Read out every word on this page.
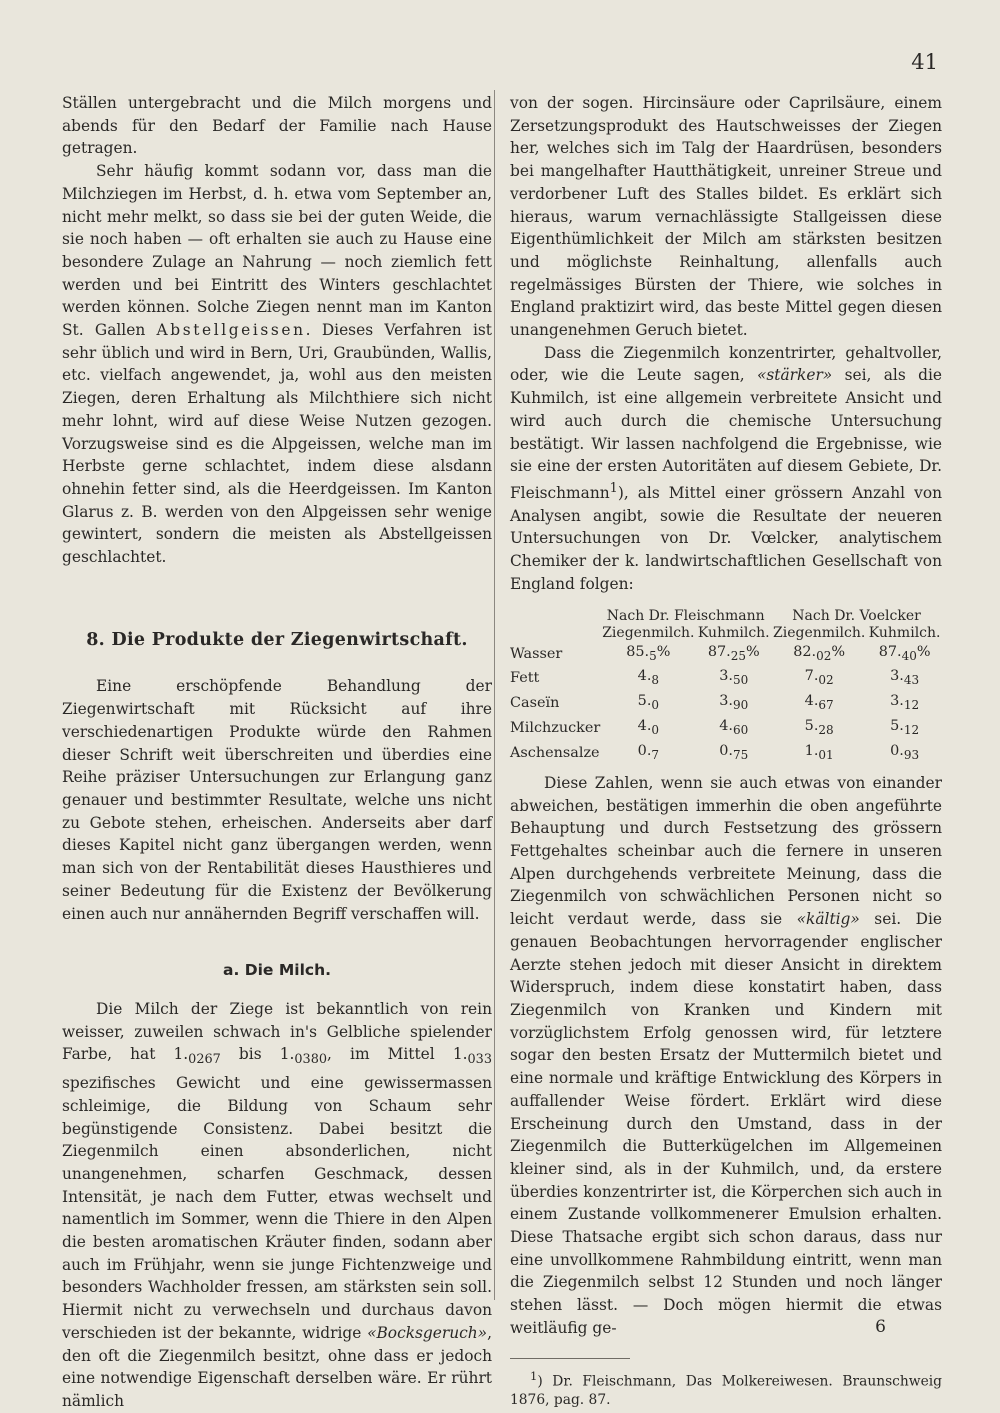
41

Ställen untergebracht und die Milch morgens und abends für den Bedarf der Familie nach Hause getragen.

Sehr häufig kommt sodann vor, dass man die Milchziegen im Herbst, d. h. etwa vom September an, nicht mehr melkt, so dass sie bei der guten Weide, die sie noch haben — oft erhalten sie auch zu Hause eine besondere Zulage an Nahrung — noch ziemlich fett werden und bei Eintritt des Winters geschlachtet werden können. Solche Ziegen nennt man im Kanton St. Gallen Abstellgeissen. Dieses Verfahren ist sehr üblich und wird in Bern, Uri, Graubünden, Wallis, etc. vielfach angewendet, ja, wohl aus den meisten Ziegen, deren Erhaltung als Milchthiere sich nicht mehr lohnt, wird auf diese Weise Nutzen gezogen. Vorzugsweise sind es die Alpgeissen, welche man im Herbste gerne schlachtet, indem diese alsdann ohnehin fetter sind, als die Heerdgeissen. Im Kanton Glarus z. B. werden von den Alpgeissen sehr wenige gewintert, sondern die meisten als Abstellgeissen geschlachtet.

8. Die Produkte der Ziegenwirtschaft.

Eine erschöpfende Behandlung der Ziegenwirtschaft mit Rücksicht auf ihre verschiedenartigen Produkte würde den Rahmen dieser Schrift weit überschreiten und überdies eine Reihe präziser Untersuchungen zur Erlangung ganz genauer und bestimmter Resultate, welche uns nicht zu Gebote stehen, erheischen. Anderseits aber darf dieses Kapitel nicht ganz übergangen werden, wenn man sich von der Rentabilität dieses Hausthieres und seiner Bedeutung für die Existenz der Bevölkerung einen auch nur annähernden Begriff verschaffen will.

a. Die Milch.

Die Milch der Ziege ist bekanntlich von rein weisser, zuweilen schwach in's Gelbliche spielender Farbe, hat $1._{0267}$ bis $1._{0380}$, im Mittel $1._{033}$ spezifisches Gewicht und eine gewissermassen schleimige, die Bildung von Schaum sehr begünstigende Consistenz. Dabei besitzt die Ziegenmilch einen absonderlichen, nicht unangenehmen, scharfen Geschmack, dessen Intensität, je nach dem Futter, etwas wechselt und namentlich im Sommer, wenn die Thiere in den Alpen die besten aromatischen Kräuter finden, sodann aber auch im Frühjahr, wenn sie junge Fichtenzweige und besonders Wachholder fressen, am stärksten sein soll. Hiermit nicht zu verwechseln und durchaus davon verschieden ist der bekannte, widrige «Bocksgeruch», den oft die Ziegenmilch besitzt, ohne dass er jedoch eine notwendige Eigenschaft derselben wäre. Er rührt nämlich

von der sogen. Hircinsäure oder Caprilsäure, einem Zersetzungsprodukt des Hautschweisses der Ziegen her, welches sich im Talg der Haardrüsen, besonders bei mangelhafter Hautthätigkeit, unreiner Streue und verdorbener Luft des Stalles bildet. Es erklärt sich hieraus, warum vernachlässigte Stallgeissen diese Eigenthümlichkeit der Milch am stärksten besitzen und möglichste Reinhaltung, allenfalls auch regelmässiges Bürsten der Thiere, wie solches in England praktizirt wird, das beste Mittel gegen diesen unangenehmen Geruch bietet.

Dass die Ziegenmilch konzentrirter, gehaltvoller, oder, wie die Leute sagen, «stärker» sei, als die Kuhmilch, ist eine allgemein verbreitete Ansicht und wird auch durch die chemische Untersuchung bestätigt. Wir lassen nachfolgend die Ergebnisse, wie sie eine der ersten Autoritäten auf diesem Gebiete, Dr. Fleischmann$^1$), als Mittel einer grössern Anzahl von Analysen angibt, sowie die Resultate der neueren Untersuchungen von Dr. Vœlcker, analytischem Chemiker der k. landwirtschaftlichen Gesellschaft von England folgen:

	Nach Dr. Fleischmann		Nach Dr. Voelcker	
	Ziegenmilch.	Kuhmilch.	Ziegenmilch.	Kuhmilch.
Wasser	$85._5\%$	$87._{25}\%$	$82._{02}\%$	$87._{40}\%$
Fett	$4._8$	$3._{50}$	$7._{02}$	$3._{43}$
Caseïn	$5._0$	$3._{90}$	$4._{67}$	$3._{12}$
Milchzucker	$4._0$	$4._{60}$	$5._{28}$	$5._{12}$
Aschensalze	$0._7$	$0._{75}$	$1._{01}$	$0._{93}$

Diese Zahlen, wenn sie auch etwas von einander abweichen, bestätigen immerhin die oben angeführte Behauptung und durch Festsetzung des grössern Fettgehaltes scheinbar auch die fernere in unseren Alpen durchgehends verbreitete Meinung, dass die Ziegenmilch von schwächlichen Personen nicht so leicht verdaut werde, dass sie «kältig» sei. Die genauen Beobachtungen hervorragender englischer Aerzte stehen jedoch mit dieser Ansicht in direktem Widerspruch, indem diese konstatirt haben, dass Ziegenmilch von Kranken und Kindern mit vorzüglichstem Erfolg genossen wird, für letztere sogar den besten Ersatz der Muttermilch bietet und eine normale und kräftige Entwicklung des Körpers in auffallender Weise fördert. Erklärt wird diese Erscheinung durch den Umstand, dass in der Ziegenmilch die Butterkügelchen im Allgemeinen kleiner sind, als in der Kuhmilch, und, da erstere überdies konzentrirter ist, die Körperchen sich auch in einem Zustande vollkommenerer Emulsion erhalten. Diese Thatsache ergibt sich schon daraus, dass nur eine unvollkommene Rahmbildung eintritt, wenn man die Ziegenmilch selbst 12 Stunden und noch länger stehen lässt. — Doch mögen hiermit die etwas weitläufig ge-

$^1$) Dr. Fleischmann, Das Molkereiwesen. Braunschweig 1876, pag. 87.

6
